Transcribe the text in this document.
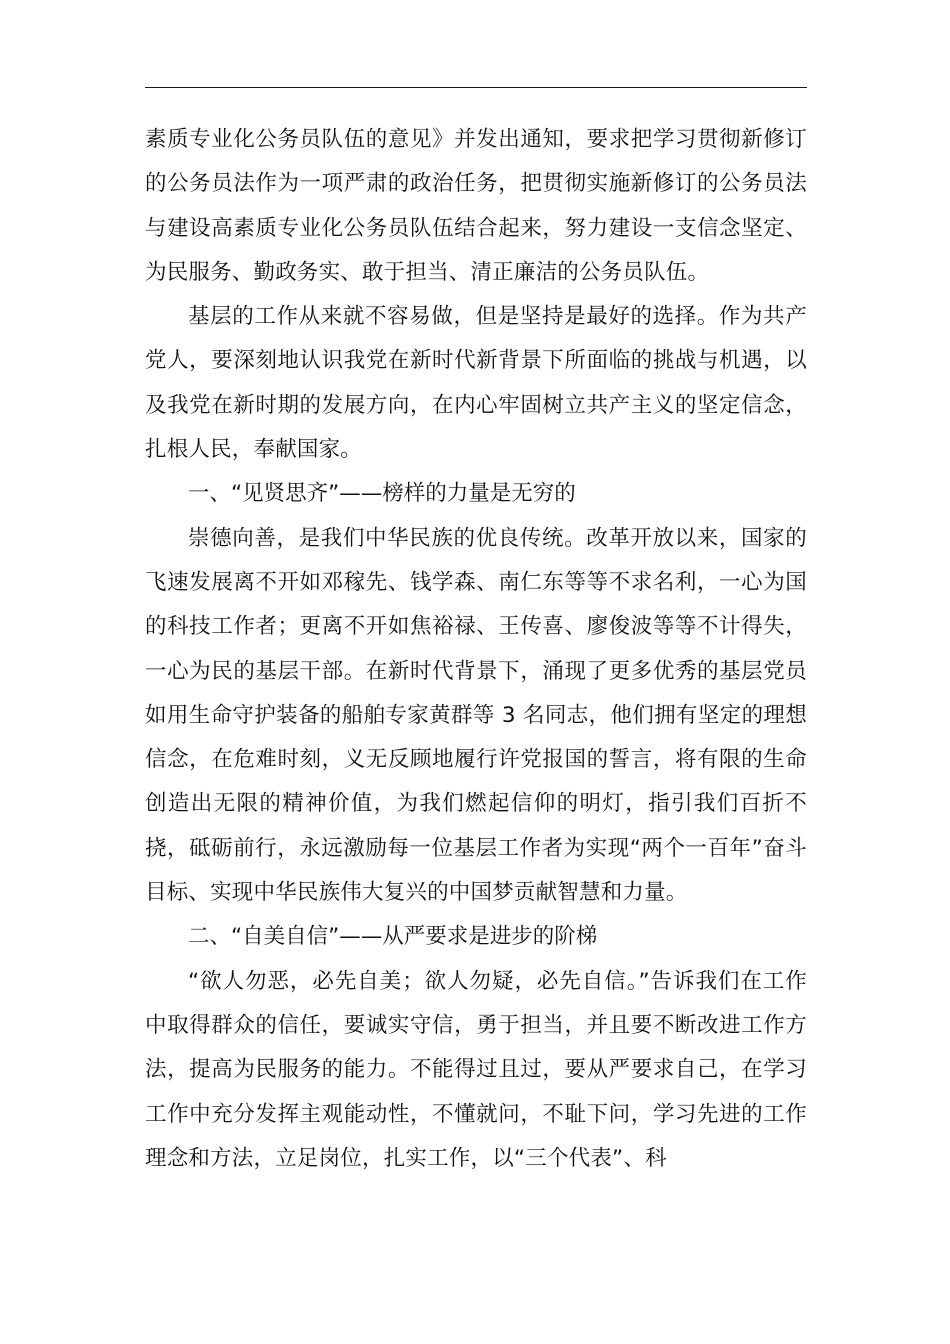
素质专业化公务员队伍的意见》并发出通知，要求把学习贯彻新修订的公务员法作为一项严肃的政治任务，把贯彻实施新修订的公务员法与建设高素质专业化公务员队伍结合起来，努力建设一支信念坚定、为民服务、勤政务实、敢于担当、清正廉洁的公务员队伍。

基层的工作从来就不容易做，但是坚持是最好的选择。作为共产党人，要深刻地认识我党在新时代新背景下所面临的挑战与机遇，以及我党在新时期的发展方向，在内心牢固树立共产主义的坚定信念，扎根人民，奉献国家。

一、“见贤思齐”——榜样的力量是无穷的

崇德向善，是我们中华民族的优良传统。改革开放以来，国家的飞速发展离不开如邓稼先、钱学森、南仁东等等不求名利，一心为国的科技工作者；更离不开如焦裕禄、王传喜、廖俊波等等不计得失，一心为民的基层干部。在新时代背景下，涌现了更多优秀的基层党员如用生命守护装备的船舶专家黄群等 3 名同志，他们拥有坚定的理想信念，在危难时刻，义无反顾地履行许党报国的誓言，将有限的生命创造出无限的精神价值，为我们燃起信仰的明灯，指引我们百折不挠，砥砺前行，永远激励每一位基层工作者为实现“两个一百年”奋斗目标、实现中华民族伟大复兴的中国梦贡献智慧和力量。

二、“自美自信”——从严要求是进步的阶梯

“欲人勿恶，必先自美；欲人勿疑，必先自信。”告诉我们在工作中取得群众的信任，要诚实守信，勇于担当，并且要不断改进工作方法，提高为民服务的能力。不能得过且过，要从严要求自己，在学习工作中充分发挥主观能动性，不懂就问，不耻下问，学习先进的工作理念和方法，立足岗位，扎实工作，以“三个代表”、科
